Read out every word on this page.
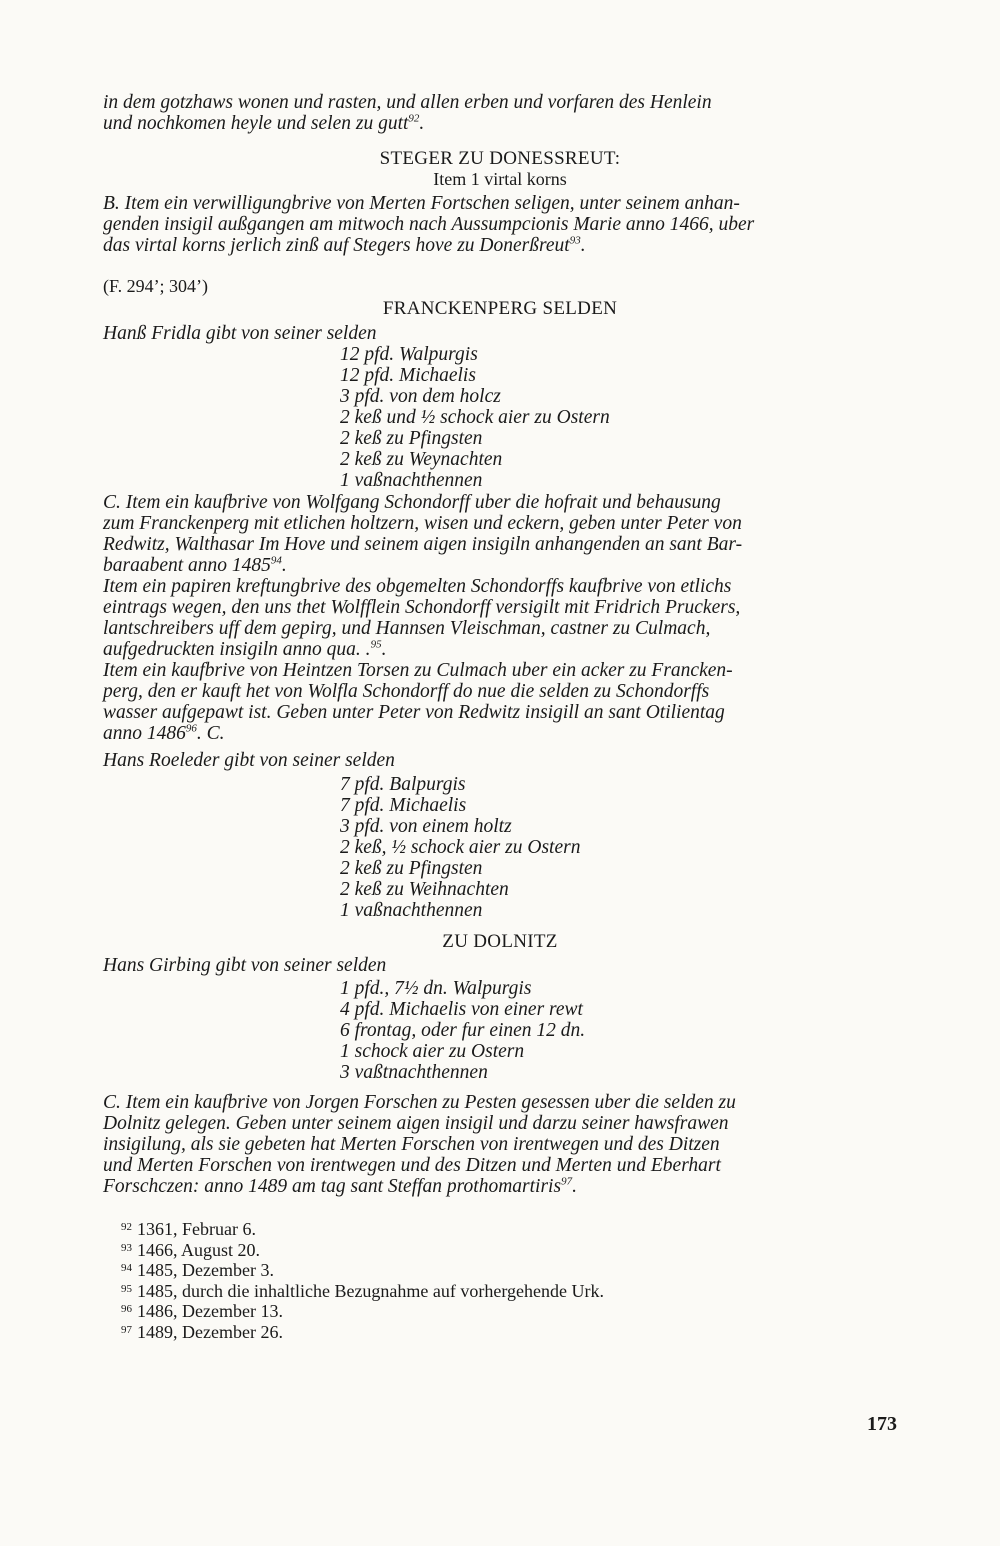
in dem gotzhaws wonen und rasten, und allen erben und vorfaren des Henlein
und nochkomen heyle und selen zu gutt$^{92}$.
STEGER ZU DONESSREUT:
Item 1 virtal korns
B. Item ein verwilligungbrive von Merten Fortschen seligen, unter seinem anhan-
genden insigil außgangen am mitwoch nach Aussumpcionis Marie anno 1466, uber
das virtal korns jerlich zinß auf Stegers hove zu Donerßreut$^{93}$.
(F. 294’; 304’)
FRANCKENPERG SELDEN
Hanß Fridla gibt von seiner selden
12 pfd. Walpurgis
12 pfd. Michaelis
3 pfd. von dem holcz
2 keß und ½ schock aier zu Ostern
2 keß zu Pfingsten
2 keß zu Weynachten
1 vaßnachthennen
C. Item ein kaufbrive von Wolfgang Schondorff uber die hofrait und behausung
zum Franckenperg mit etlichen holtzern, wisen und eckern, geben unter Peter von
Redwitz, Walthasar Im Hove und seinem aigen insigiln anhangenden an sant Bar-
baraabent anno 1485$^{94}$.
Item ein papiren kreftungbrive des obgemelten Schondorffs kaufbrive von etlichs
eintrags wegen, den uns thet Wolfflein Schondorff versigilt mit Fridrich Pruckers,
lantschreibers uff dem gepirg, und Hannsen Vleischman, castner zu Culmach,
aufgedruckten insigiln anno qua. .$^{95}$.
Item ein kaufbrive von Heintzen Torsen zu Culmach uber ein acker zu Francken-
perg, den er kauft het von Wolfla Schondorff do nue die selden zu Schondorffs
wasser aufgepawt ist. Geben unter Peter von Redwitz insigill an sant Otilientag
anno 1486$^{96}$. C.
Hans Roeleder gibt von seiner selden
7 pfd. Balpurgis
7 pfd. Michaelis
3 pfd. von einem holtz
2 keß, ½ schock aier zu Ostern
2 keß zu Pfingsten
2 keß zu Weihnachten
1 vaßnachthennen
ZU DOLNITZ
Hans Girbing gibt von seiner selden
1 pfd., 7½ dn. Walpurgis
4 pfd. Michaelis von einer rewt
6 frontag, oder fur einen 12 dn.
1 schock aier zu Ostern
3 vaßtnachthennen
C. Item ein kaufbrive von Jorgen Forschen zu Pesten gesessen uber die selden zu
Dolnitz gelegen. Geben unter seinem aigen insigil und darzu seiner hawsfrawen
insigilung, als sie gebeten hat Merten Forschen von irentwegen und des Ditzen
und Merten Forschen von irentwegen und des Ditzen und Merten und Eberhart
Forschczen: anno 1489 am tag sant Steffan prothomartiris$^{97}$.
$^{92}$ 1361, Februar 6.
$^{93}$ 1466, August 20.
$^{94}$ 1485, Dezember 3.
$^{95}$ 1485, durch die inhaltliche Bezugnahme auf vorhergehende Urk.
$^{96}$ 1486, Dezember 13.
$^{97}$ 1489, Dezember 26.
173
